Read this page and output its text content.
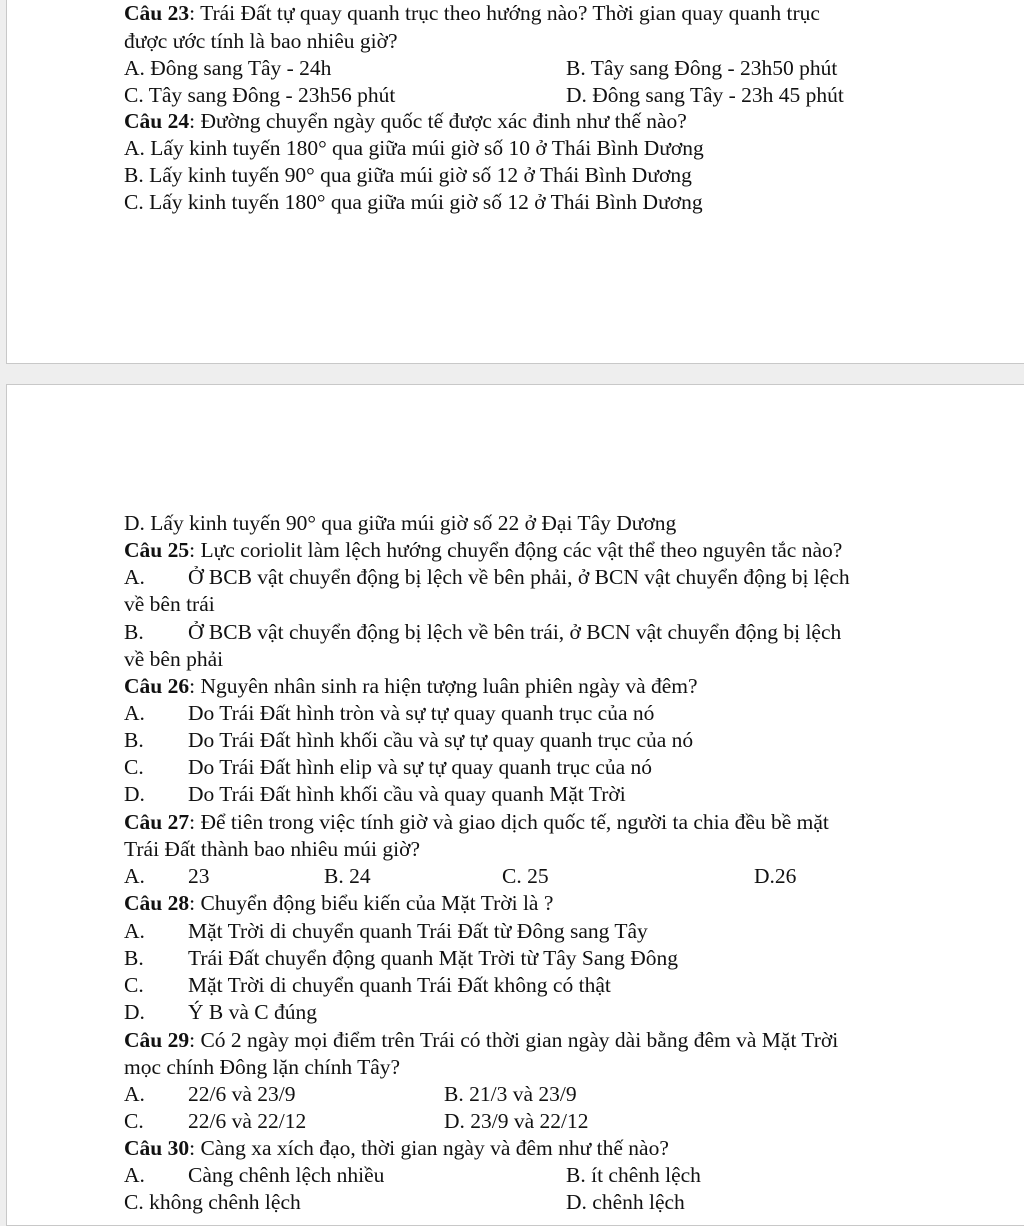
Câu 23: Trái Đất tự quay quanh trục theo hướng nào? Thời gian quay quanh trục
được ước tính là bao nhiêu giờ?
A. Đông sang Tây - 24h	B. Tây sang Đông - 23h50 phút
C. Tây sang Đông - 23h56 phút	D. Đông sang Tây - 23h 45 phút
Câu 24: Đường chuyển ngày quốc tế được xác đinh như thế nào?
A. Lấy kinh tuyến 180° qua giữa múi giờ số 10 ở Thái Bình Dương
B. Lấy kinh tuyến 90° qua giữa múi giờ số 12 ở Thái Bình Dương
C. Lấy kinh tuyến 180° qua giữa múi giờ số 12 ở Thái Bình Dương
D. Lấy kinh tuyến 90° qua giữa múi giờ số 22 ở Đại Tây Dương
Câu 25: Lực coriolit làm lệch hướng chuyển động các vật thể theo nguyên tắc nào?
A. Ở BCB vật chuyển động bị lệch về bên phải, ở BCN vật chuyển động bị lệch
về bên trái
B. Ở BCB vật chuyển động bị lệch về bên trái, ở BCN vật chuyển động bị lệch
về bên phải
Câu 26: Nguyên nhân sinh ra hiện tượng luân phiên ngày và đêm?
A. Do Trái Đất hình tròn và sự tự quay quanh trục của nó
B. Do Trái Đất hình khối cầu và sự tự quay quanh trục của nó
C. Do Trái Đất hình elip và sự tự quay quanh trục của nó
D. Do Trái Đất hình khối cầu và quay quanh Mặt Trời
Câu 27: Để tiên trong việc tính giờ và giao dịch quốc tế, người ta chia đều bề mặt
Trái Đất thành bao nhiêu múi giờ?
A. 23	B. 24	C. 25	D.26
Câu 28: Chuyển động biểu kiến của Mặt Trời là ?
A. Mặt Trời di chuyển quanh Trái Đất từ Đông sang Tây
B. Trái Đất chuyển động quanh Mặt Trời từ Tây Sang Đông
C. Mặt Trời di chuyển quanh Trái Đất không có thật
D. Ý B và C đúng
Câu 29: Có 2 ngày mọi điểm trên Trái có thời gian ngày dài bằng đêm và Mặt Trời
mọc chính Đông lặn chính Tây?
A. 22/6 và 23/9	B. 21/3 và 23/9
C. 22/6 và 22/12	D. 23/9 và 22/12
Câu 30: Càng xa xích đạo, thời gian ngày và đêm như thế nào?
A. Càng chênh lệch nhiều	B. ít chênh lệch
C. không chênh lệch	D. chênh lệch
